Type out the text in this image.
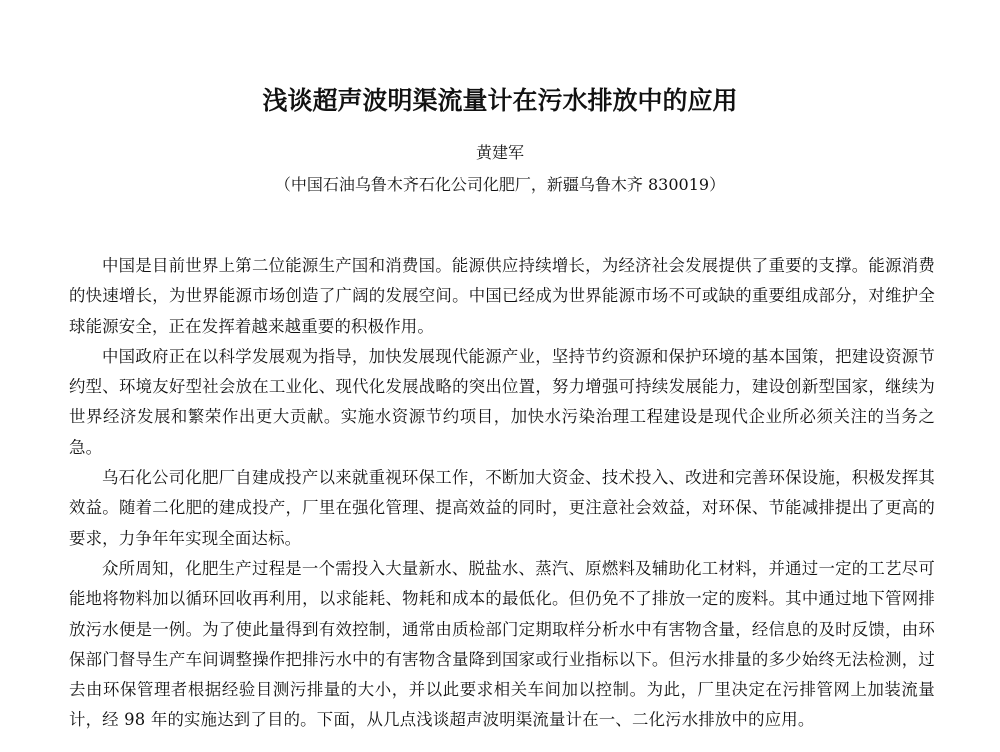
浅谈超声波明渠流量计在污水排放中的应用
黄建军
（中国石油乌鲁木齐石化公司化肥厂，新疆乌鲁木齐 830019）

中国是目前世界上第二位能源生产国和消费国。能源供应持续增长，为经济社会发展提供了重要的支撑。能源消费的快速增长，为世界能源市场创造了广阔的发展空间。中国已经成为世界能源市场不可或缺的重要组成部分，对维护全球能源安全，正在发挥着越来越重要的积极作用。

中国政府正在以科学发展观为指导，加快发展现代能源产业，坚持节约资源和保护环境的基本国策，把建设资源节约型、环境友好型社会放在工业化、现代化发展战略的突出位置，努力增强可持续发展能力，建设创新型国家，继续为世界经济发展和繁荣作出更大贡献。实施水资源节约项目，加快水污染治理工程建设是现代企业所必须关注的当务之急。

乌石化公司化肥厂自建成投产以来就重视环保工作，不断加大资金、技术投入、改进和完善环保设施，积极发挥其效益。随着二化肥的建成投产，厂里在强化管理、提高效益的同时，更注意社会效益，对环保、节能减排提出了更高的要求，力争年年实现全面达标。

众所周知，化肥生产过程是一个需投入大量新水、脱盐水、蒸汽、原燃料及辅助化工材料，并通过一定的工艺尽可能地将物料加以循环回收再利用，以求能耗、物耗和成本的最低化。但仍免不了排放一定的废料。其中通过地下管网排放污水便是一例。为了使此量得到有效控制，通常由质检部门定期取样分析水中有害物含量，经信息的及时反馈，由环保部门督导生产车间调整操作把排污水中的有害物含量降到国家或行业指标以下。但污水排量的多少始终无法检测，过去由环保管理者根据经验目测污排量的大小，并以此要求相关车间加以控制。为此，厂里决定在污排管网上加装流量计，经 98 年的实施达到了目的。下面，从几点浅谈超声波明渠流量计在一、二化污水排放中的应用。
